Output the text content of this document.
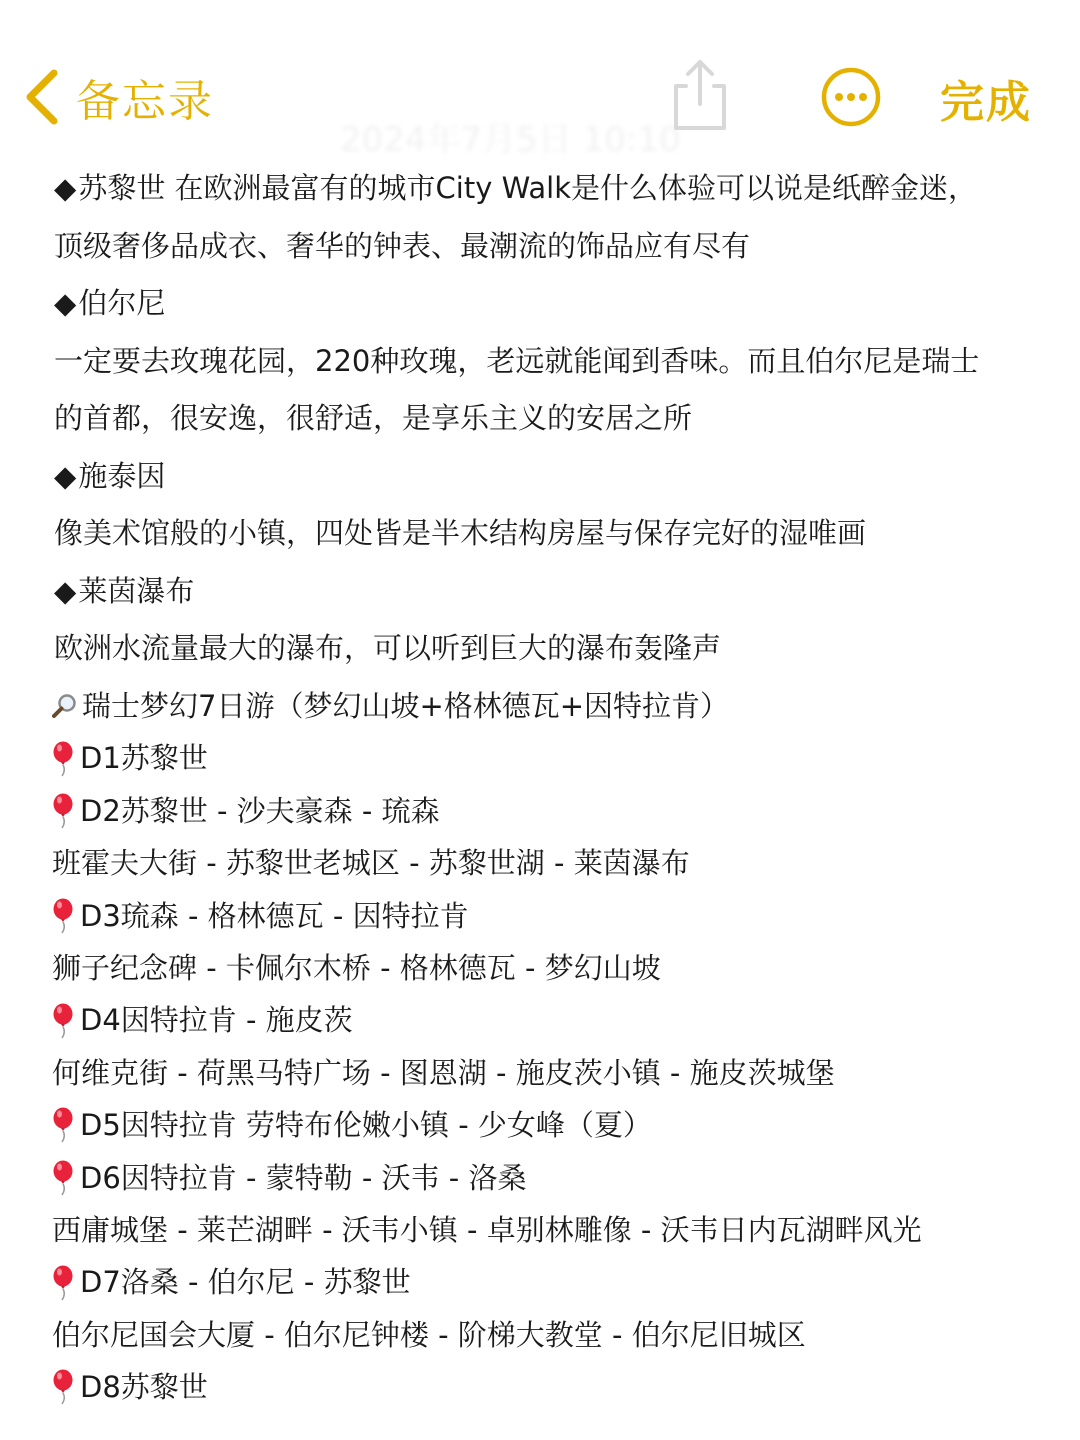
备忘录	完成
2024年7月5日 10:10
◆苏黎世 在欧洲最富有的城市City Walk是什么体验可以说是纸醉金迷，
顶级奢侈品成衣、奢华的钟表、最潮流的饰品应有尽有
◆伯尔尼
一定要去玫瑰花园，220种玫瑰，老远就能闻到香味。而且伯尔尼是瑞士
的首都，很安逸，很舒适，是享乐主义的安居之所
◆施泰因
像美术馆般的小镇，四处皆是半木结构房屋与保存完好的湿唯画
◆莱茵瀑布
欧洲水流量最大的瀑布，可以听到巨大的瀑布轰隆声
瑞士梦幻7日游（梦幻山坡+格林德瓦+因特拉肯）
D1苏黎世
D2苏黎世 - 沙夫豪森 - 琉森
班霍夫大街 - 苏黎世老城区 - 苏黎世湖 - 莱茵瀑布
D3琉森 - 格林德瓦 - 因特拉肯
狮子纪念碑 - 卡佩尔木桥 - 格林德瓦 - 梦幻山坡
D4因特拉肯 - 施皮茨
何维克街 - 荷黑马特广场 - 图恩湖 - 施皮茨小镇 - 施皮茨城堡
D5因特拉肯 劳特布伦嫩小镇 - 少女峰（夏）
D6因特拉肯 - 蒙特勒 - 沃韦 - 洛桑
西庸城堡 - 莱芒湖畔 - 沃韦小镇 - 卓别林雕像 - 沃韦日内瓦湖畔风光
D7洛桑 - 伯尔尼 - 苏黎世
伯尔尼国会大厦 - 伯尔尼钟楼 - 阶梯大教堂 - 伯尔尼旧城区
D8苏黎世
